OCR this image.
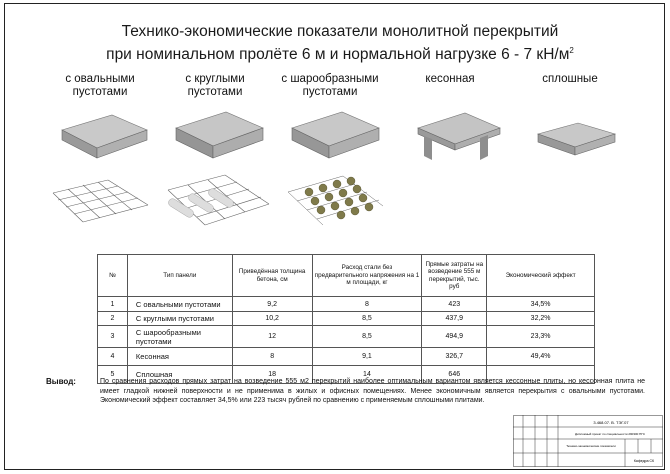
Технико-экономические показатели монолитной перекрытий
при номинальном пролёте 6 м и нормальной нагрузке 6 - 7 $кН/м^2$
с овальными
пустотами
с круглыми
пустотами
с шарообразными
пустотами
кесонная	сплошные
№	Тип панели	Приведённая толщина бетона, см	Расход стали без предварительного напряжения на 1 м площади, кг	Прямые затраты на возведение 555 м перекрытий, тыс. руб	Экономический эффект
1	С овальными пустотами	9,2	8	423	34,5%
2	С круглыми пустотами	10,2	8,5	437,9	32,2%
3	С шарообразными пустотами	12	8,5	494,9	23,3%
4	Кесонная	8	9,1	326,7	49,4%
5	Сплошная	18	14	646	
Вывод:	По сравнения расходов прямых затрат на возведение 555 м2 перекрытий наиболее оптимальным вариантом является кессонные плиты, но кессонная плита не имеет гладкой нижней поверхности и не применима в жилых и офисных помещениях. Менее экономичным является перекрытия с овальными пустотами. Экономический эффект составляет 34,5% или 223 тысяч рублей по сравнению с применяемым сплошными плитами.
3.468.07. В. ТЭГ.07
Дипломный проект по специальности 290300 ПГС
Технико-экономические показатели
Кафедра СК
